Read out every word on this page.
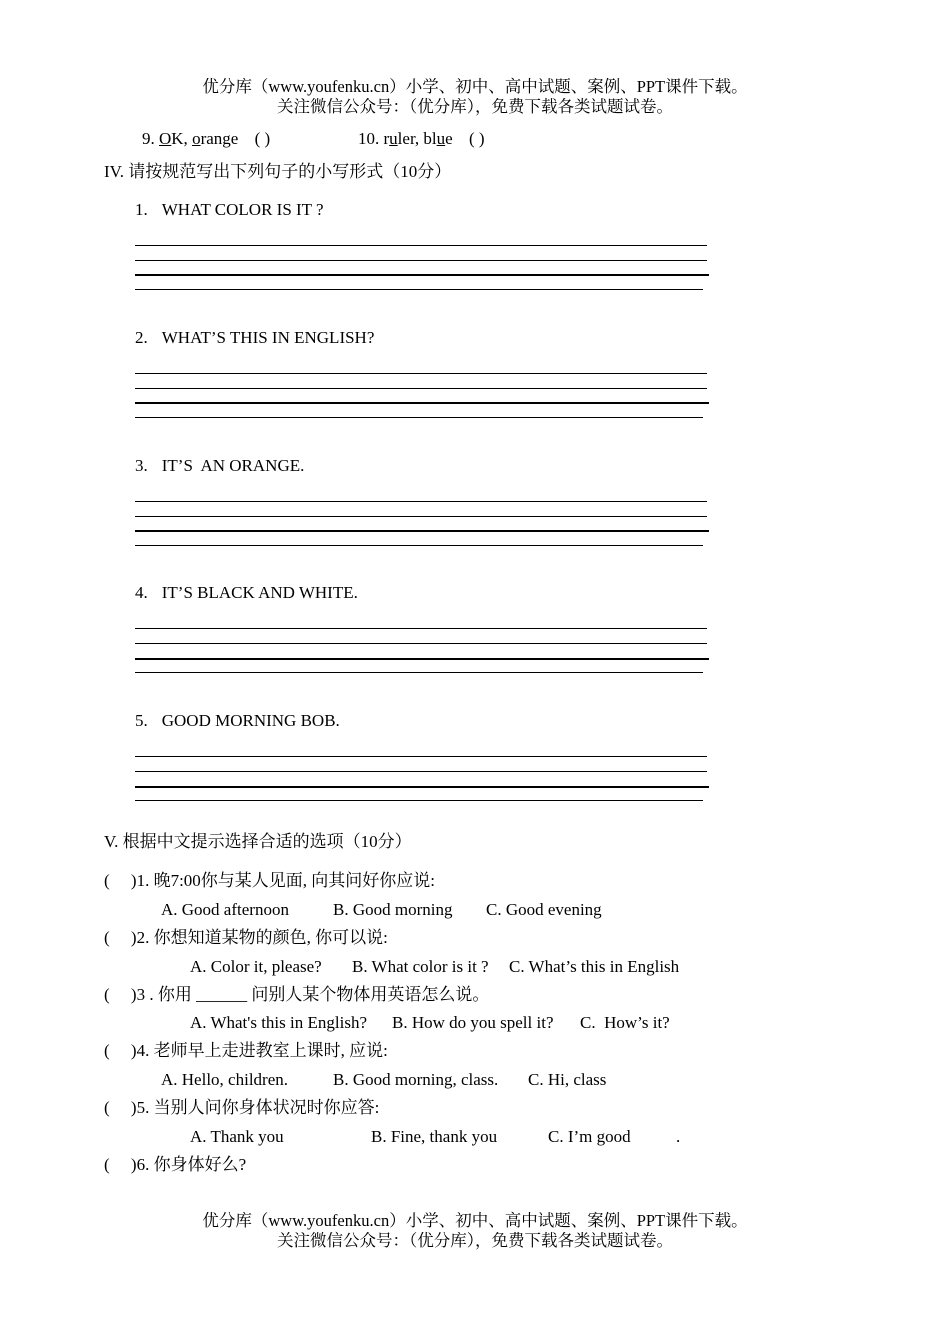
优分库（www.youfenku.cn）小学、初中、高中试题、案例、PPT课件下载。
关注微信公众号：（优分库），免费下载各类试题试卷。
9. OK, orange ( )	10. ruler, blue ( )
IV. 请按规范写出下列句子的小写形式（10分）
1. WHAT COLOR IS IT ?
2. WHAT’S THIS IN ENGLISH?
3. IT’S  AN ORANGE.
4. IT’S BLACK AND WHITE.
5. GOOD MORNING BOB.
V. 根据中文提示选择合适的选项（10分）
(     )1. 晚7:00你与某人见面, 向其问好你应说:
A. Good afternoon	B. Good morning C. Good evening
(     )2. 你想知道某物的颜色, 你可以说:
A. Color it, please? B. What color is it ? C. What’s this in English
(     )3 . 你用 ______ 问别人某个物体用英语怎么说。
A. What's this in English? B. How do you spell it? C.  How’s it?
(     )4. 老师早上走进教室上课时, 应说:
A. Hello, children.	B. Good morning, class. C. Hi, class
(     )5. 当别人问你身体状况时你应答:
A. Thank you	B. Fine, thank you	C. I’m good	.
(     )6. 你身体好么?
优分库（www.youfenku.cn）小学、初中、高中试题、案例、PPT课件下载。
关注微信公众号：（优分库），免费下载各类试题试卷。
